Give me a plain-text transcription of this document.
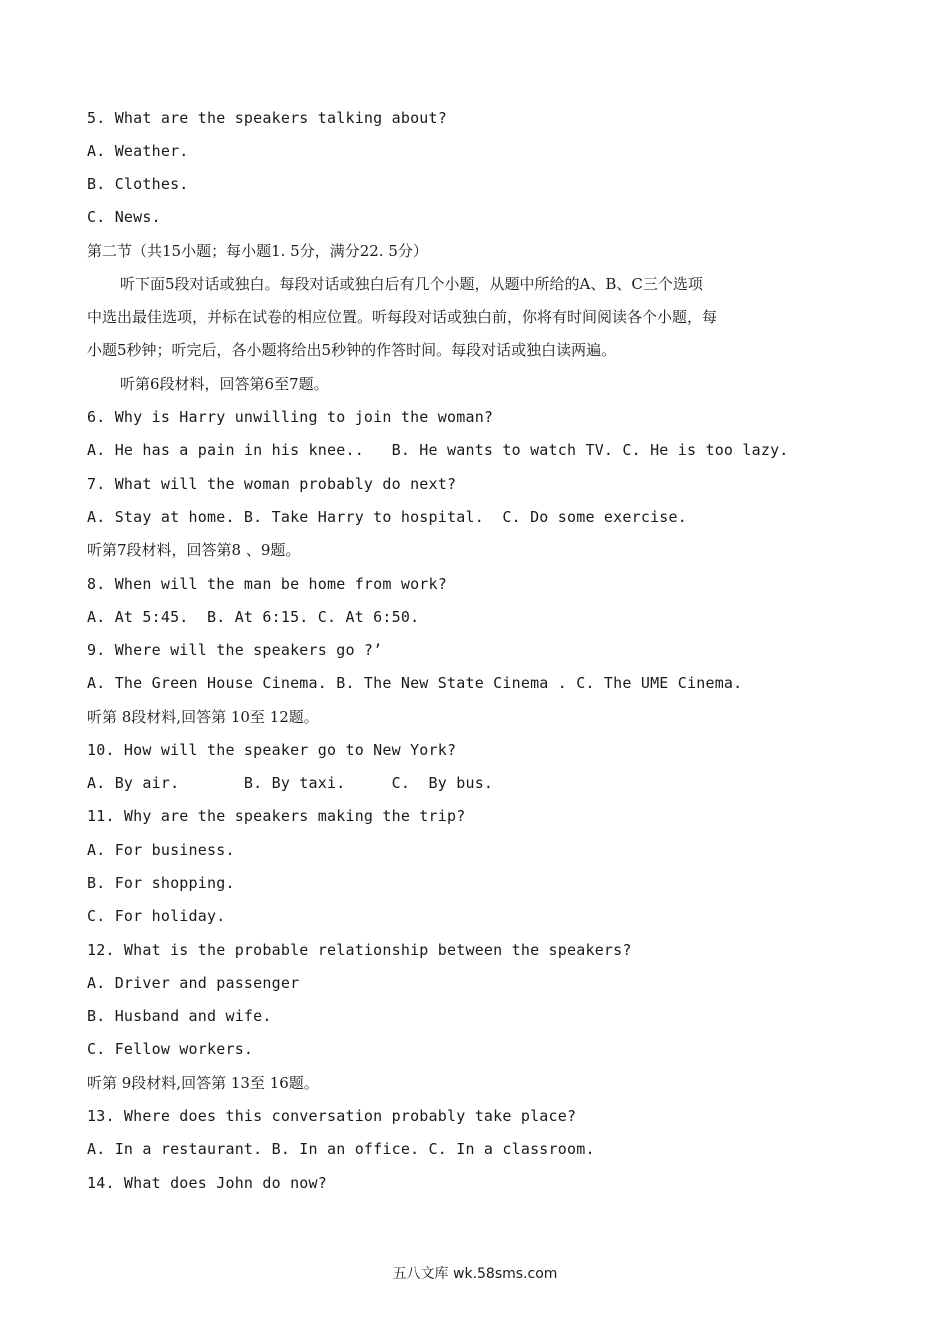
5. What are the speakers talking about?
A. Weather.
B. Clothes.
C. News.
第二节（共15小题；每小题1. 5分，满分22. 5分）
听下面5段对话或独白。每段对话或独白后有几个小题，从题中所给的A、B、C三个选项
中选出最佳选项，并标在试卷的相应位置。听每段对话或独白前，你将有时间阅读各个小题，每
小题5秒钟；听完后，各小题将给出5秒钟的作答时间。每段对话或独白读两遍。
听第6段材料，回答第6至7题。
6. Why is Harry unwilling to join the woman?
A. He has a pain in his knee..   B. He wants to watch TV. C. He is too lazy.
7. What will the woman probably do next?
A. Stay at home. B. Take Harry to hospital.  C. Do some exercise.
听第7段材料，回答第8 、9题。
8. When will the man be home from work?
A. At 5:45.  B. At 6:15. C. At 6:50.
9. Where will the speakers go ?’
A. The Green House Cinema. B. The New State Cinema . C. The UME Cinema.
听第 8段材料,回答第 10至 12题。
10. How will the speaker go to New York?
A. By air.       B. By taxi.     C.  By bus.
11. Why are the speakers making the trip?
A. For business.
B. For shopping.
C. For holiday.
12. What is the probable relationship between the speakers?
A. Driver and passenger
B. Husband and wife.
C. Fellow workers.
听第 9段材料,回答第 13至 16题。
13. Where does this conversation probably take place?
A. In a restaurant. B. In an office. C. In a classroom.
14. What does John do now?
五八文库 wk.58sms.com
